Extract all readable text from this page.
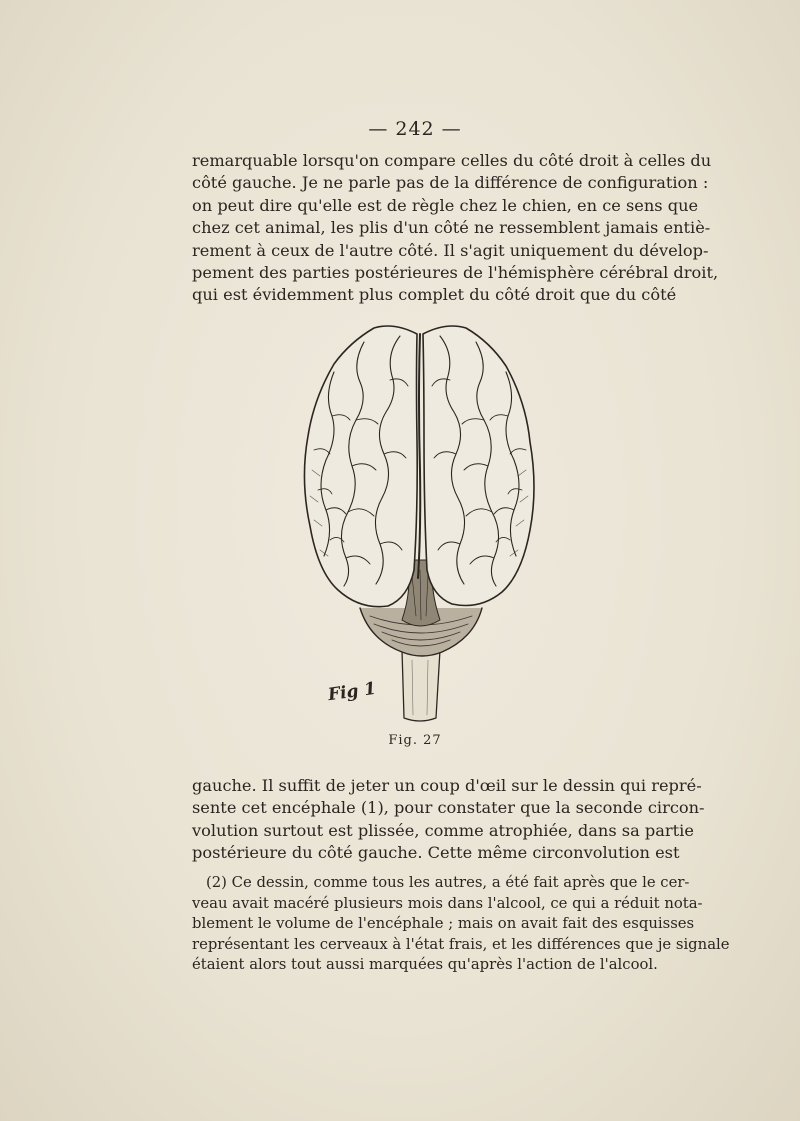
— 242 —
remarquable lorsqu'on compare celles du côté droit à celles du
côté gauche. Je ne parle pas de la différence de configuration :
on peut dire qu'elle est de règle chez le chien, en ce sens que
chez cet animal, les plis d'un côté ne ressemblent jamais entiè-
rement à ceux de l'autre côté. Il s'agit uniquement du dévelop-
pement des parties postérieures de l'hémisphère cérébral droit,
qui est évidemment plus complet du côté droit que du côté
Fig 1
Fig. 27
gauche. Il suffit de jeter un coup d'œil sur le dessin qui repré-
sente cet encéphale (1), pour constater que la seconde circon-
volution surtout est plissée, comme atrophiée, dans sa partie
postérieure du côté gauche. Cette même circonvolution est
(2) Ce dessin, comme tous les autres, a été fait après que le cer-
veau avait macéré plusieurs mois dans l'alcool, ce qui a réduit nota-
blement le volume de l'encéphale ; mais on avait fait des esquisses
représentant les cerveaux à l'état frais, et les différences que je signale
étaient alors tout aussi marquées qu'après l'action de l'alcool.
